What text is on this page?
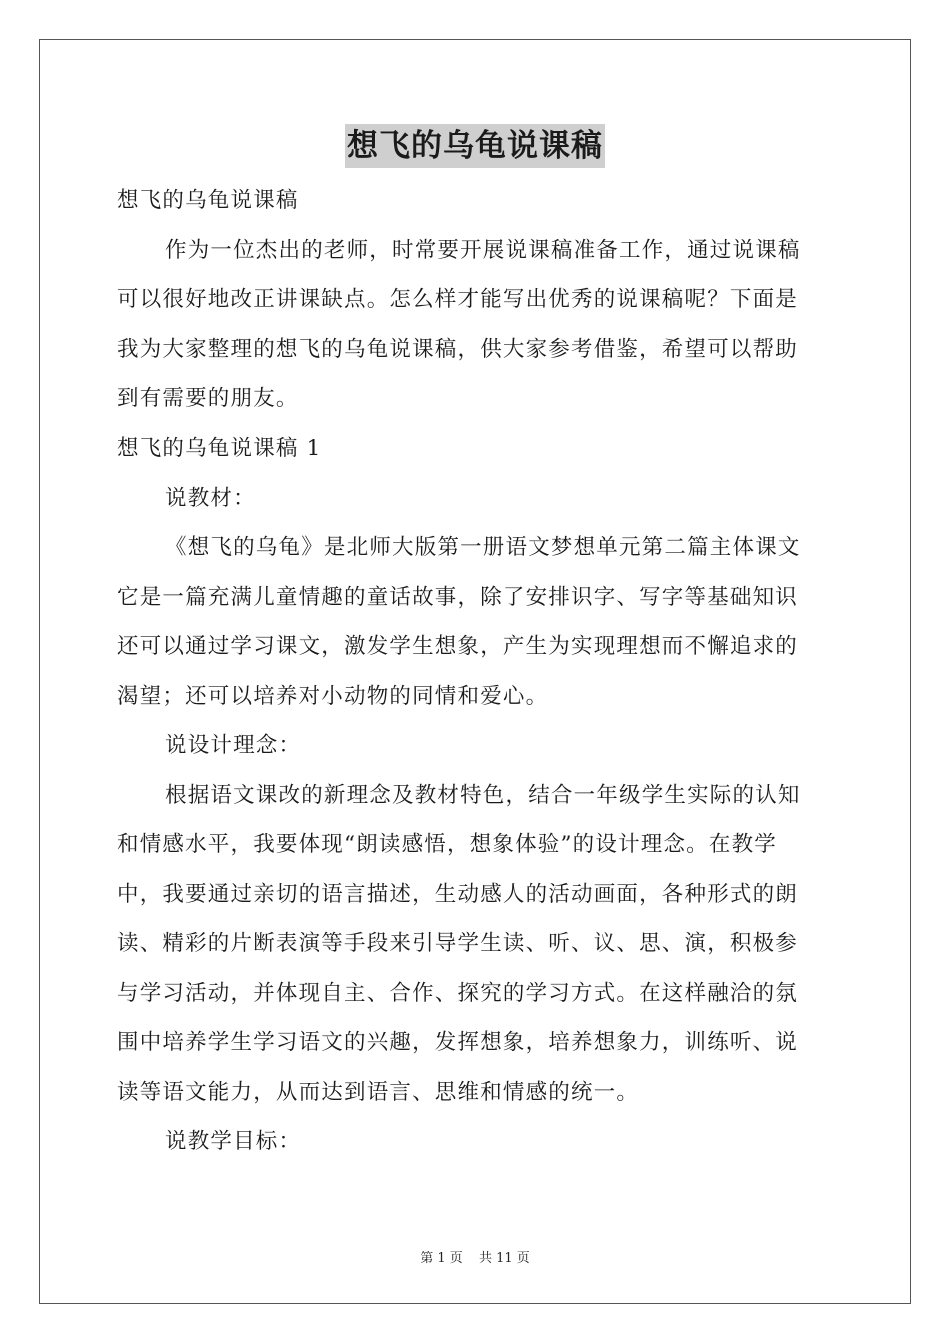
想飞的乌龟说课稿

想飞的乌龟说课稿

作为一位杰出的老师，时常要开展说课稿准备工作，通过说课稿

可以很好地改正讲课缺点。怎么样才能写出优秀的说课稿呢？下面是

我为大家整理的想飞的乌龟说课稿，供大家参考借鉴，希望可以帮助

到有需要的朋友。

想飞的乌龟说课稿 1

说教材：

《想飞的乌龟》是北师大版第一册语文梦想单元第二篇主体课文

它是一篇充满儿童情趣的童话故事，除了安排识字、写字等基础知识

还可以通过学习课文，激发学生想象，产生为实现理想而不懈追求的

渴望；还可以培养对小动物的同情和爱心。

说设计理念：

根据语文课改的新理念及教材特色，结合一年级学生实际的认知

和情感水平，我要体现“朗读感悟，想象体验”的设计理念。在教学

中，我要通过亲切的语言描述，生动感人的活动画面，各种形式的朗

读、精彩的片断表演等手段来引导学生读、听、议、思、演，积极参

与学习活动，并体现自主、合作、探究的学习方式。在这样融洽的氛

围中培养学生学习语文的兴趣，发挥想象，培养想象力，训练听、说

读等语文能力，从而达到语言、思维和情感的统一。

说教学目标：

第 1 页 共 11 页
